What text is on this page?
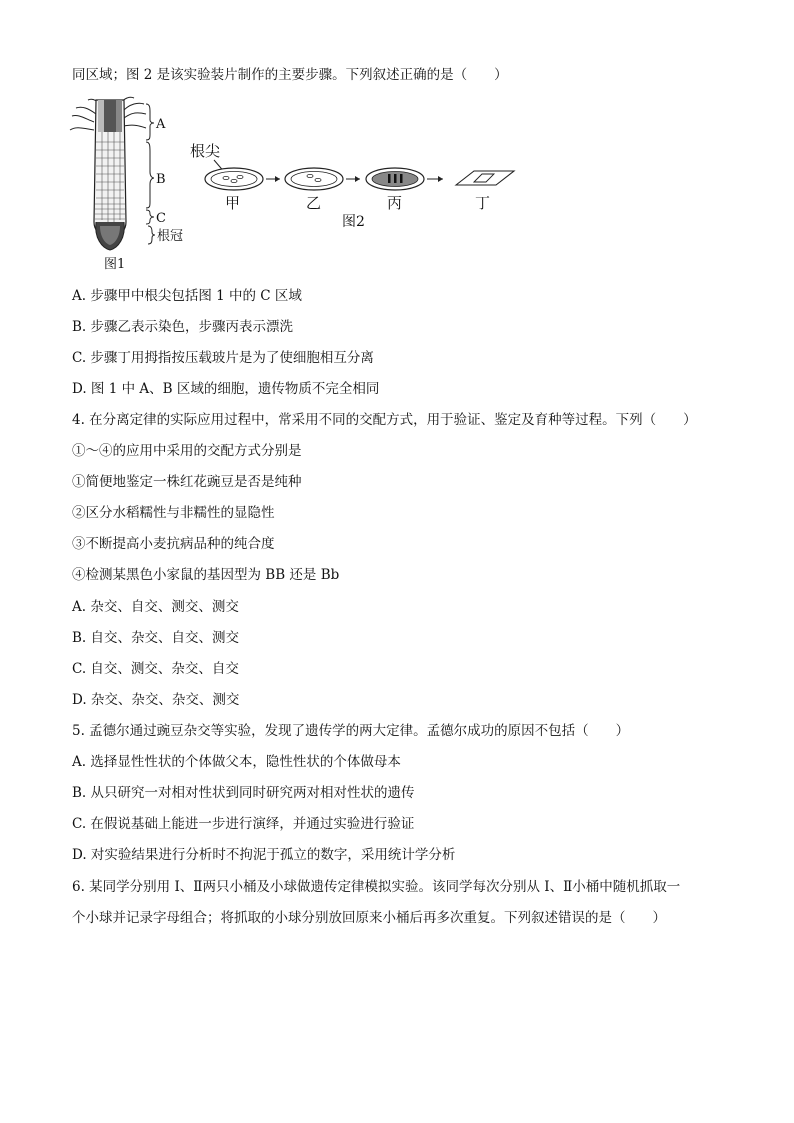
同区域；图 2 是该实验装片制作的主要步骤。下列叙述正确的是（　　）
A
B
C
根冠
图1
根尖
甲	乙	丙	丁
图2
A. 步骤甲中根尖包括图 1 中的 C 区域
B. 步骤乙表示染色，步骤丙表示漂洗
C. 步骤丁用拇指按压载玻片是为了使细胞相互分离
D. 图 1 中 A、B 区域的细胞，遗传物质不完全相同
4. 在分离定律的实际应用过程中，常采用不同的交配方式，用于验证、鉴定及育种等过程。下列（　　）
①～④的应用中采用的交配方式分别是
①简便地鉴定一株红花豌豆是否是纯种
②区分水稻糯性与非糯性的显隐性
③不断提高小麦抗病品种的纯合度
④检测某黑色小家鼠的基因型为 BB 还是 Bb
A. 杂交、自交、测交、测交
B. 自交、杂交、自交、测交
C. 自交、测交、杂交、自交
D. 杂交、杂交、杂交、测交
5. 孟德尔通过豌豆杂交等实验，发现了遗传学的两大定律。孟德尔成功的原因不包括（　　）
A. 选择显性性状的个体做父本，隐性性状的个体做母本
B. 从只研究一对相对性状到同时研究两对相对性状的遗传
C. 在假说基础上能进一步进行演绎，并通过实验进行验证
D. 对实验结果进行分析时不拘泥于孤立的数字，采用统计学分析
6. 某同学分别用 Ⅰ、Ⅱ两只小桶及小球做遗传定律模拟实验。该同学每次分别从 Ⅰ、Ⅱ小桶中随机抓取一
个小球并记录字母组合；将抓取的小球分别放回原来小桶后再多次重复。下列叙述错误的是（　　）
